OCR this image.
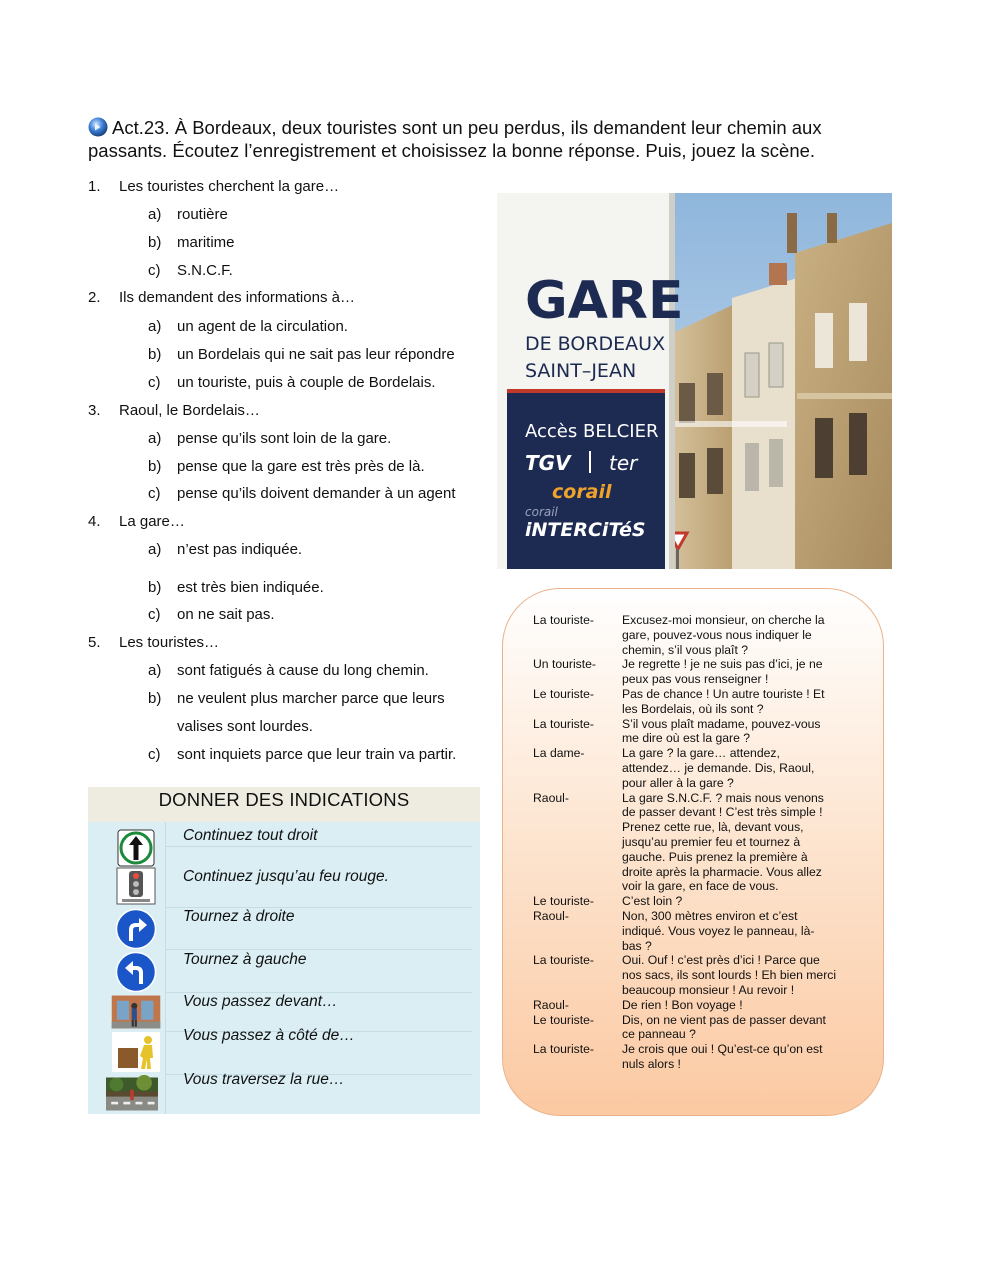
Act.23. À Bordeaux, deux touristes sont un peu perdus, ils demandent leur chemin aux
passants. Écoutez l’enregistrement et choisissez la bonne réponse. Puis, jouez la scène.
1.	Les touristes cherchent la gare…
a) routière
b) maritime
c) S.N.C.F.
2.	Ils demandent des informations à…
a) un agent de la circulation.
b) un Bordelais qui ne sait pas leur répondre
c) un touriste, puis à couple de Bordelais.
3.	Raoul, le Bordelais…
a) pense qu’ils sont loin de la gare.
b) pense que la gare est très près de là.
c) pense qu’ils doivent demander à un agent
4.	La gare…
a) n’est pas indiquée.
b) est très bien indiquée.
c) on ne sait pas.
5.	Les touristes…
a) sont fatigués à cause du long chemin.
b) ne veulent plus marcher parce que leurs
valises sont lourdes.
c) sont inquiets parce que leur train va partir.
GARE
DE BORDEAUX
SAINT–JEAN
Accès BELCIER
TGV ter
corail
corail
iNTERCiTéS
DONNER DES INDICATIONS
Continuez tout droit
Continuez jusqu’au feu rouge.
Tournez à droite
Tournez à gauche
Vous passez devant…
Vous passez à côté de…
Vous traversez la rue…
La touriste-	Excusez-moi monsieur, on cherche la
gare, pouvez-vous nous indiquer le
chemin, s’il vous plaît ?
Un touriste-	Je regrette ! je ne suis pas d’ici, je ne
peux pas vous renseigner !
Le touriste-	Pas de chance ! Un autre touriste ! Et
les Bordelais, où ils sont ?
La touriste-	S’il vous plaît madame, pouvez-vous
me dire où est la gare ?
La dame-	La gare ? la gare… attendez,
attendez… je demande. Dis, Raoul,
pour aller à la gare ?
Raoul-	La gare S.N.C.F. ? mais nous venons
de passer devant ! C’est très simple !
Prenez cette rue, là, devant vous,
jusqu’au premier feu et tournez à
gauche. Puis prenez la première à
droite après la pharmacie. Vous allez
voir la gare, en face de vous.
Le touriste-	C’est loin ?
Raoul-	Non, 300 mètres environ et c’est
indiqué. Vous voyez le panneau, là-
bas ?
La touriste-	Oui. Ouf ! c’est près d’ici ! Parce que
nos sacs, ils sont lourds ! Eh bien merci
beaucoup monsieur ! Au revoir !
Raoul-	De rien ! Bon voyage !
Le touriste-	Dis, on ne vient pas de passer devant
ce panneau ?
La touriste-	Je crois que oui ! Qu’est-ce qu’on est
nuls alors !
